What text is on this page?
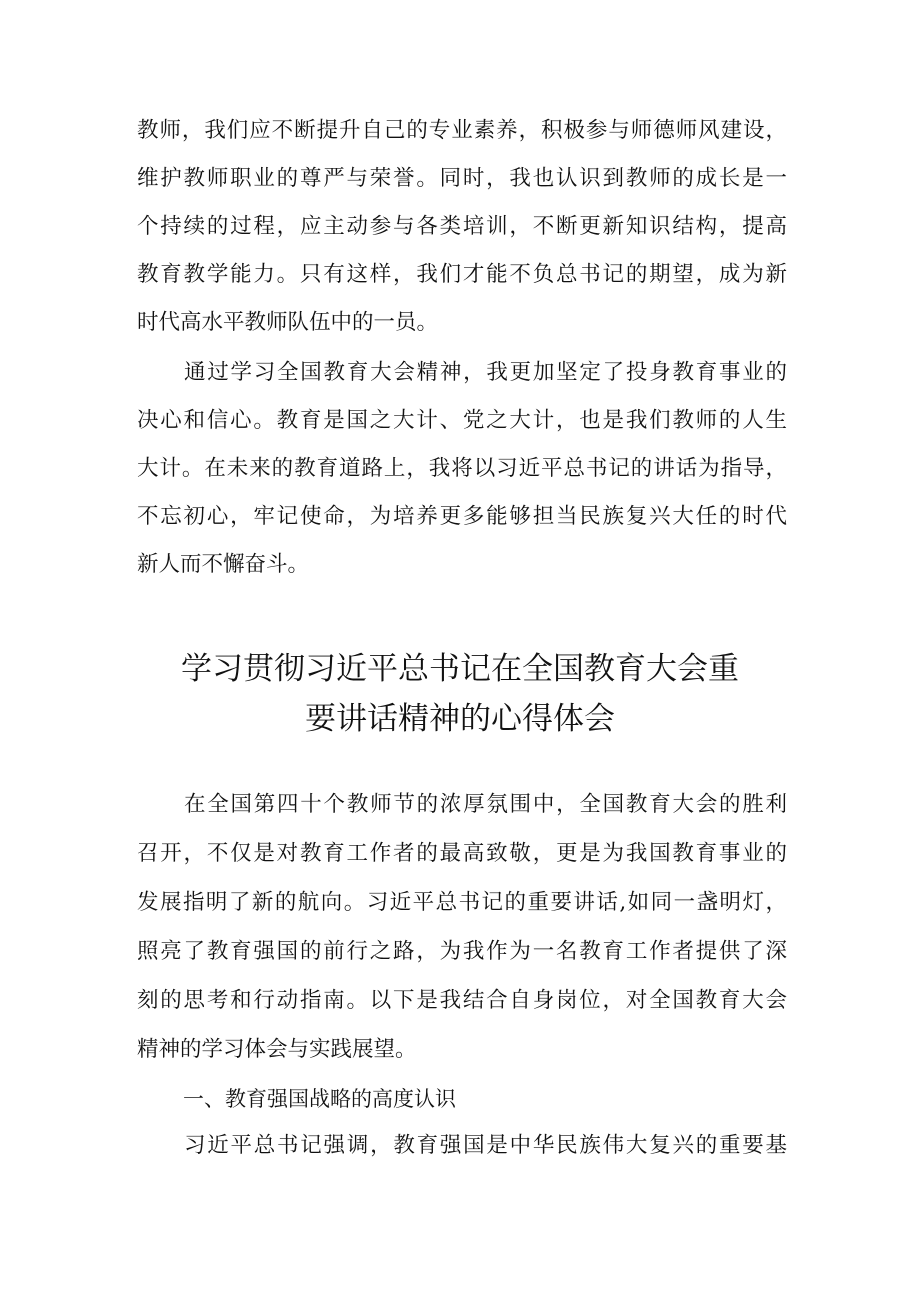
教师，我们应不断提升自己的专业素养，积极参与师德师风建设，
维护教师职业的尊严与荣誉。同时，我也认识到教师的成长是一
个持续的过程，应主动参与各类培训，不断更新知识结构，提高
教育教学能力。只有这样，我们才能不负总书记的期望，成为新
时代高水平教师队伍中的一员。
通过学习全国教育大会精神，我更加坚定了投身教育事业的
决心和信心。教育是国之大计、党之大计，也是我们教师的人生
大计。在未来的教育道路上，我将以习近平总书记的讲话为指导，
不忘初心，牢记使命，为培养更多能够担当民族复兴大任的时代
新人而不懈奋斗。
学习贯彻习近平总书记在全国教育大会重
要讲话精神的心得体会
在全国第四十个教师节的浓厚氛围中，全国教育大会的胜利
召开，不仅是对教育工作者的最高致敬，更是为我国教育事业的
发展指明了新的航向。习近平总书记的重要讲话,如同一盏明灯，
照亮了教育强国的前行之路，为我作为一名教育工作者提供了深
刻的思考和行动指南。以下是我结合自身岗位，对全国教育大会
精神的学习体会与实践展望。
一、教育强国战略的高度认识
习近平总书记强调，教育强国是中华民族伟大复兴的重要基
